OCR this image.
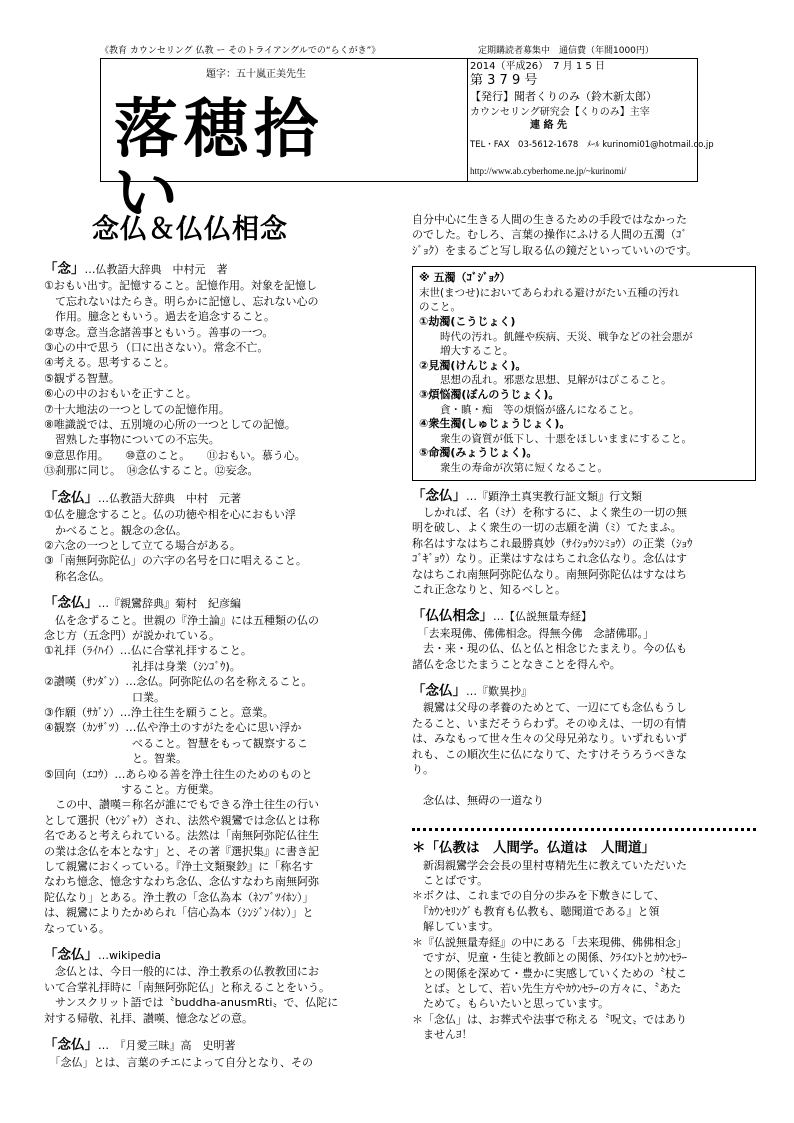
《教育 カウンセリング 仏教 ー そのトライアングルでの“らくがき”》	定期購読者募集中　通信費（年間1000円）
題字：五十嵐正美先生
落穂拾い
2014（平成26）　7 月 1 5 日
第 3 7 9 号
【発行】聞者くりのみ（鈴木新太郎）
カウンセリング研究会【くりのみ】主宰
連 絡 先
TEL・FAX　03-5612-1678　ﾒｰﾙ kurinomi01@hotmail.co.jp
http://www.ab.cyberhome.ne.jp/~kurinomi/
念仏＆仏仏相念
「念」…仏教語大辞典　中村元　著

①おもい出す。記憶すること。記憶作用。対象を記憶し
　て忘れないはたらき。明らかに記憶し、忘れない心の
　作用。臆念ともいう。過去を追念すること。
②専念。意当念諸善事ともいう。善事の一つ。
③心の中で思う（口に出さない）。常念不亡。
④考える。思考すること。
⑤観ずる智慧。
⑥心の中のおもいを正すこと。
⑦十大地法の一つとしての記憶作用。
⑧唯識説では、五別境の心所の一つとしての記憶。
　習熟した事物についての不忘失。
⑨意思作用。　　⑩意のこと。　　⑪おもい。慕う心。
⑬刹那に同じ。　⑭念仏すること。⑫妄念。

「念仏」…仏教語大辞典　中村　元著

①仏を臆念すること。仏の功徳や相を心におもい浮
　かべること。観念の念仏。
②六念の一つとして立てる場合がある。
③「南無阿弥陀仏」の六字の名号を口に唱えること。
　称名念仏。

「念仏」…『親鸞辞典』菊村　紀彦編

　仏を念ずること。世親の『浄土論』には五種類の仏の
念じ方（五念門）が説かれている。
①礼拝（ﾗｲﾊｲ）…仏に合掌礼拝すること。
　　　　　　　　礼拝は身業（ｼﾝｺﾞｳ)。
②讃嘆（ｻﾝﾀﾞﾝ）…念仏。阿弥陀仏の名を称えること。
　　　　　　　　口業。
③作願（ｻｶﾞﾝ）…浄土往生を願うこと。意業。
④観察（ｶﾝｻﾞﾂ）…仏や浄土のすがたを心に思い浮か
　　　　　　　　べること。智慧をもって観察するこ
　　　　　　　　と。智業。
⑤回向（ｴｺｳ）…あらゆる善を浄土往生のためのものと
　　　　　　　すること。方便業。
　この中、讃嘆＝称名が誰にでもできる浄土往生の行い
として選択（ｾﾝｼﾞｬｸ）され、法然や親鸞では念仏とは称
名であると考えられている。法然は「南無阿弥陀仏往生
の業は念仏を本となす」と、その著『選択集』に書き記
して親鸞におくっている。『浄土文類聚鈔』に「称名す
なわち憶念、憶念すなわち念仏、念仏すなわち南無阿弥
陀仏なり」とある。浄土教の「念仏為本（ﾈﾝﾌﾞﾂｲﾎﾝ）」
は、親鸞によりたかめられ「信心為本（ｼﾝｼﾞﾝｲﾎﾝ）」と
なっている。

「念仏」…wikipedia

　念仏とは、今日一般的には、浄土教系の仏教教団にお
いて合掌礼拝時に「南無阿弥陀仏」と称えることをいう。
　サンスクリット語では〝buddha-anusmRti〟で、仏陀に
対する帰敬、礼拝、讃嘆、憶念などの意。

「念仏」…　『月愛三昧』高　史明著

　「念仏」とは、言葉のチエによって自分となり、その

自分中心に生きる人間の生きるための手段ではなかった
のでした。むしろ、言葉の操作にふける人間の五濁（ｺﾞ
ｼﾞｮｸ）をまるごと写し取る仏の鏡だといっていいのです。

※ 五濁（ｺﾞｼﾞｮｸ）

末世(まつせ)においてあらわれる避けがたい五種の汚れ
のこと。

①劫濁(こうじょく)

　　時代の汚れ。飢饉や疾病、天災、戦争などの社会悪が
　　増大すること。

②見濁(けんじょく)。

　　思想の乱れ。邪悪な思想、見解がはびこること。

③煩悩濁(ぼんのうじょく)。

　　貪・瞋・痴　等の煩悩が盛んになること。

④衆生濁(しゅじょうじょく)。

　　衆生の資質が低下し、十悪をほしいままにすること。

⑤命濁(みょうじょく)。

　　衆生の寿命が次第に短くなること。

「念仏」…『顕浄土真実教行証文類』行文類

　しかれば、名（ﾐﾅ）を称するに、よく衆生の一切の無
明を破し、よく衆生の一切の志願を満（ﾐ）てたまふ。
称名はすなはちこれ最勝真妙（ｻｲｼｮｳｼﾝﾐｮｳ）の正業（ｼｮｳ
ｺﾞｷﾞｮｳ）なり。正業はすなはちこれ念仏なり。念仏はす
なはちこれ南無阿弥陀仏なり。南無阿弥陀仏はすなはち
これ正念なりと、知るべしと。

「仏仏相念」…【仏説無量寿経】

　「去来現佛、佛佛相念。得無今佛　念諸佛耶。」
　去・来・現の仏、仏と仏と相念じたまえり。今の仏も
諸仏を念じたまうことなきことを得んや。

「念仏」…『歎異抄』

　親鸞は父母の孝養のためとて、一辺にても念仏もうし
たること、いまだそうらわず。そのゆえは、一切の有情
は、みなもって世々生々の父母兄弟なり。いずれもいず
れも、この順次生に仏になりて、たすけそうろうべきな
り。

　念仏は、無碍の一道なり

＊「仏教は　人間学。仏道は　人間道」

　新潟親鸞学会会長の里村専精先生に教えていただいた
　ことばです。

＊ボクは、これまでの自分の歩みを下敷きにして、
　『ｶｳﾝｾﾘﾝｸﾞも教育も仏教も、聴聞道である』と領
　解しています。

＊『仏説無量寿経』の中にある「去来現佛、佛佛相念」
　ですが、児童・生徒と教師との関係、ｸﾗｲｴﾝﾄとｶｳﾝｾﾗｰ
　との関係を深めて・豊かに実感していくための〝杖こ
　とば〟として、若い先生方やｶｳﾝｾﾗｰの方々に、〝あた
　ためて〟もらいたいと思っています。

＊「念仏」は、お葬式や法事で称える〝呪文〟ではあり
　ませんﾖ！
